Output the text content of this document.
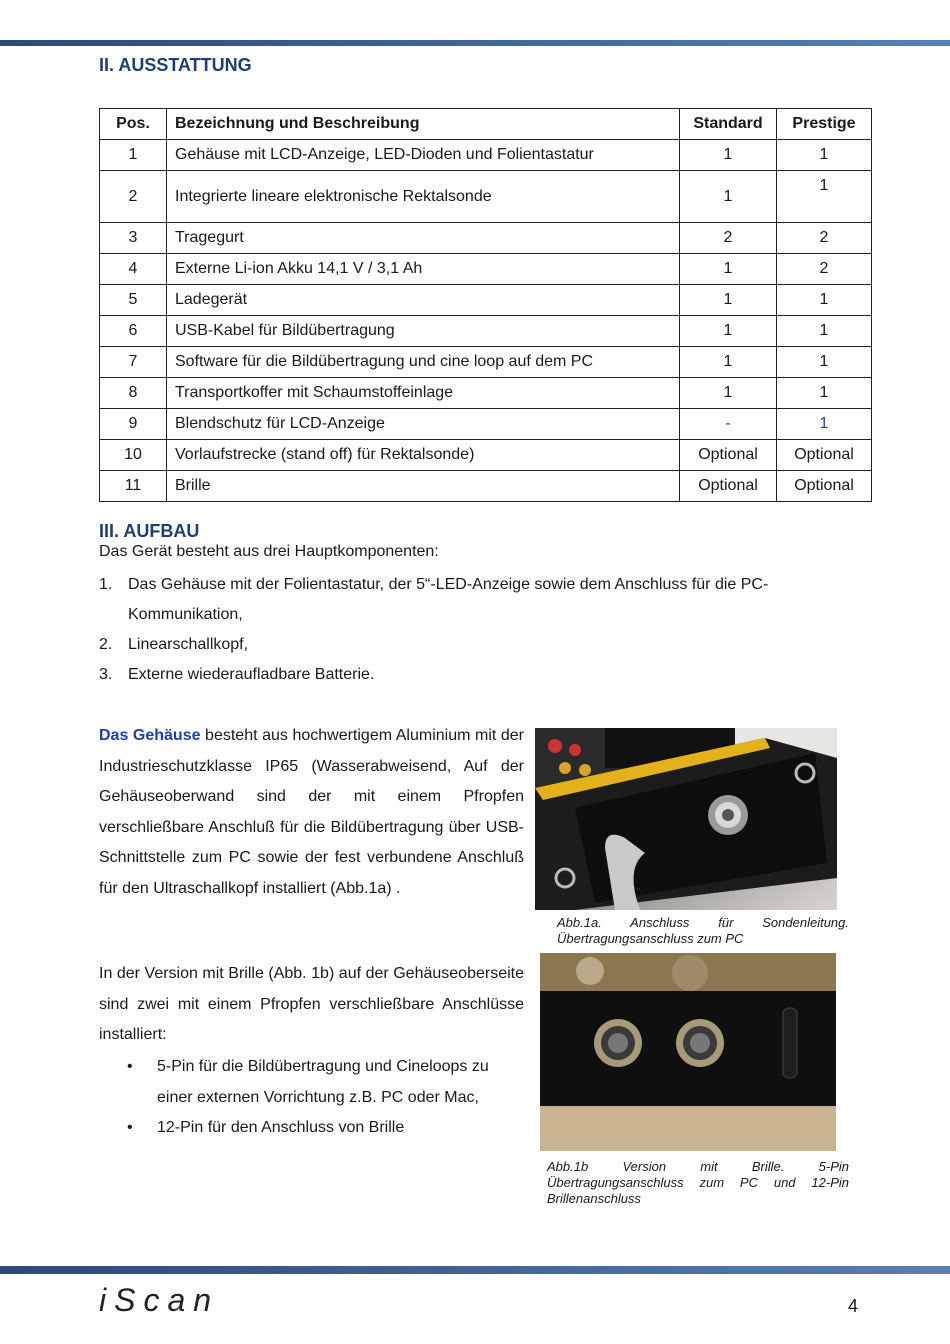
II. AUSSTATTUNG
Pos.	Bezeichnung und Beschreibung	Standard	Prestige
1	Gehäuse mit LCD-Anzeige, LED-Dioden und Folientastatur	1	1
2	Integrierte lineare elektronische Rektalsonde	1	1
3	Tragegurt	2	2
4	Externe Li-ion Akku 14,1 V / 3,1 Ah	1	2
5	Ladegerät	1	1
6	USB-Kabel für Bildübertragung	1	1
7	Software für die Bildübertragung und cine loop auf dem PC	1	1
8	Transportkoffer mit Schaumstoffeinlage	1	1
9	Blendschutz für LCD-Anzeige	-	1
10	Vorlaufstrecke (stand off) für Rektalsonde)	Optional	Optional
11	Brille	Optional	Optional
III. AUFBAU

Das Gerät besteht aus drei Hauptkomponenten:

1. Das Gehäuse mit der Folientastatur, der 5“-LED-Anzeige sowie dem Anschluss für die PC-Kommunikation,
2. Linearschallkopf,
3. Externe wiederaufladbare Batterie.

Das Gehäuse besteht aus hochwertigem Aluminium mit der Industrieschutzklasse IP65 (Wasserabweisend, Auf der Gehäuseoberwand sind der mit einem Pfropfen verschließbare Anschluß für die Bildübertragung über USB- Schnittstelle zum PC sowie der fest verbundene Anschluß für den Ultraschallkopf installiert (Abb.1a) .

In der Version mit Brille (Abb. 1b) auf der Gehäuseoberseite sind zwei mit einem Pfropfen verschließbare Anschlüsse installiert:

• 5-Pin für die Bildübertragung und Cineloops zu einer externen Vorrichtung z.B. PC oder Mac,
• 12-Pin für den Anschluss von Brille

Abb.1a. Anschluss für Sondenleitung. Übertragungsanschluss zum PC

Abb.1b Version mit Brille. 5-Pin Übertragungsanschluss zum PC und 12-Pin Brillenanschluss

iScan	4
